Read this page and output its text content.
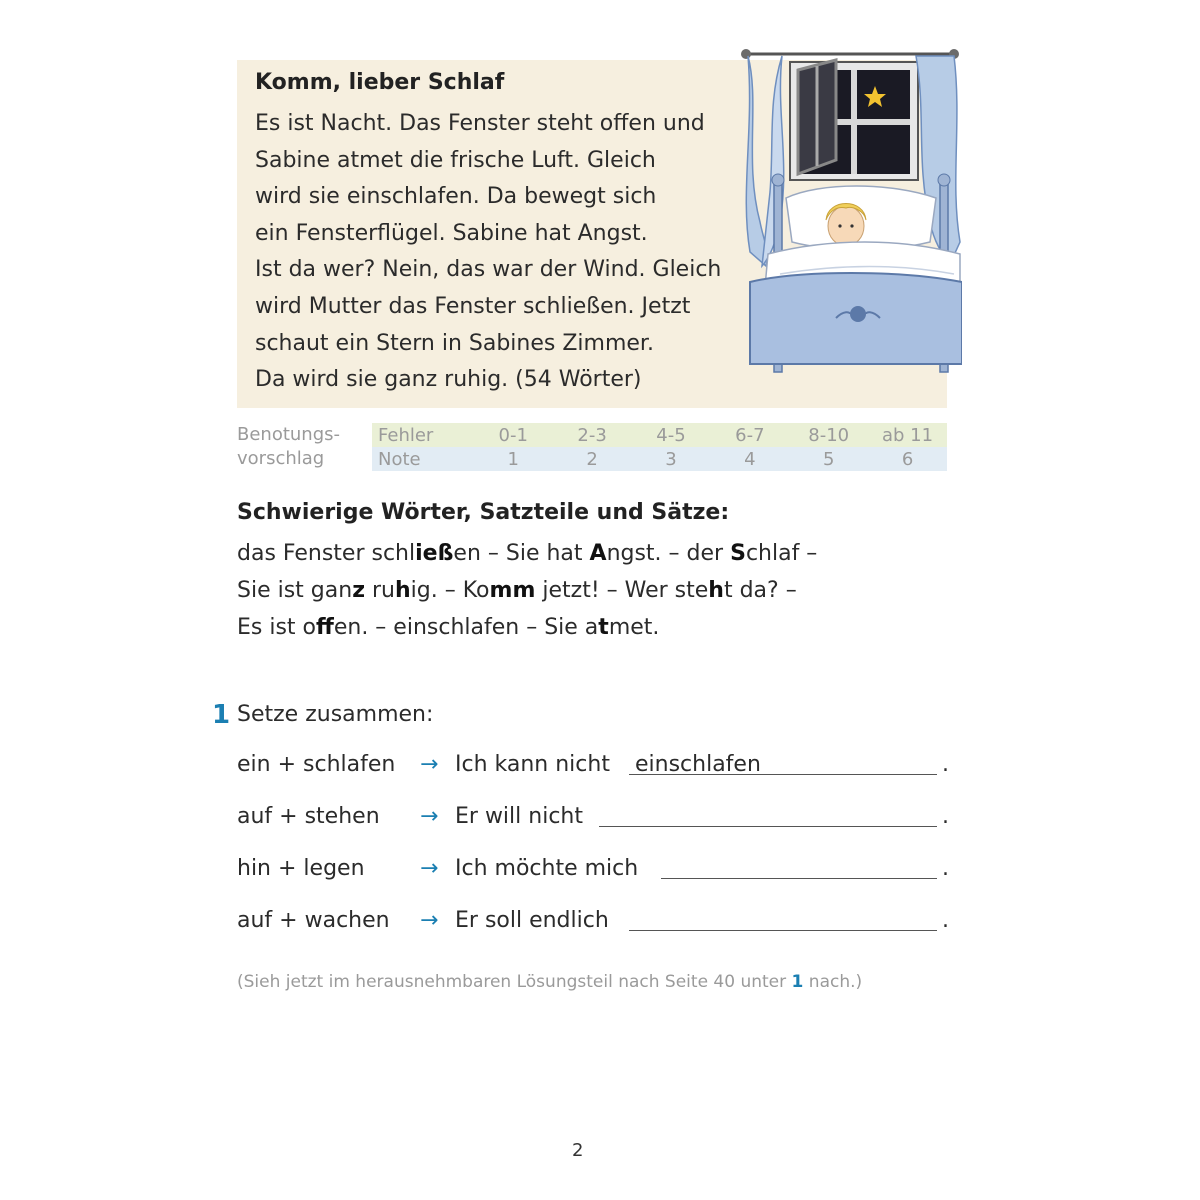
Komm, lieber Schlaf
Es ist Nacht. Das Fenster steht offen und
Sabine atmet die frische Luft. Gleich
wird sie einschlafen. Da bewegt sich
ein Fensterflügel. Sabine hat Angst.
Ist da wer? Nein, das war der Wind. Gleich
wird Mutter das Fenster schließen. Jetzt
schaut ein Stern in Sabines Zimmer.
Da wird sie ganz ruhig. (54 Wörter)
Benotungs-
vorschlag
Fehler	0-1	2-3	4-5	6-7	8-10	ab 11
Note	1	2	3	4	5	6
Schwierige Wörter, Satzteile und Sätze:
das Fenster schließen – Sie hat Angst. – der Schlaf –
Sie ist ganz ruhig. – Komm jetzt! – Wer steht da? –
Es ist offen. – einschlafen – Sie atmet.
1 Setze zusammen:
ein + schlafen → Ich kann nicht einschlafen	.
auf + stehen → Er will nicht	.
hin + legen	→ Ich möchte mich	.
auf + wachen → Er soll endlich	.
(Sieh jetzt im herausnehmbaren Lösungsteil nach Seite 40 unter 1 nach.)
2
